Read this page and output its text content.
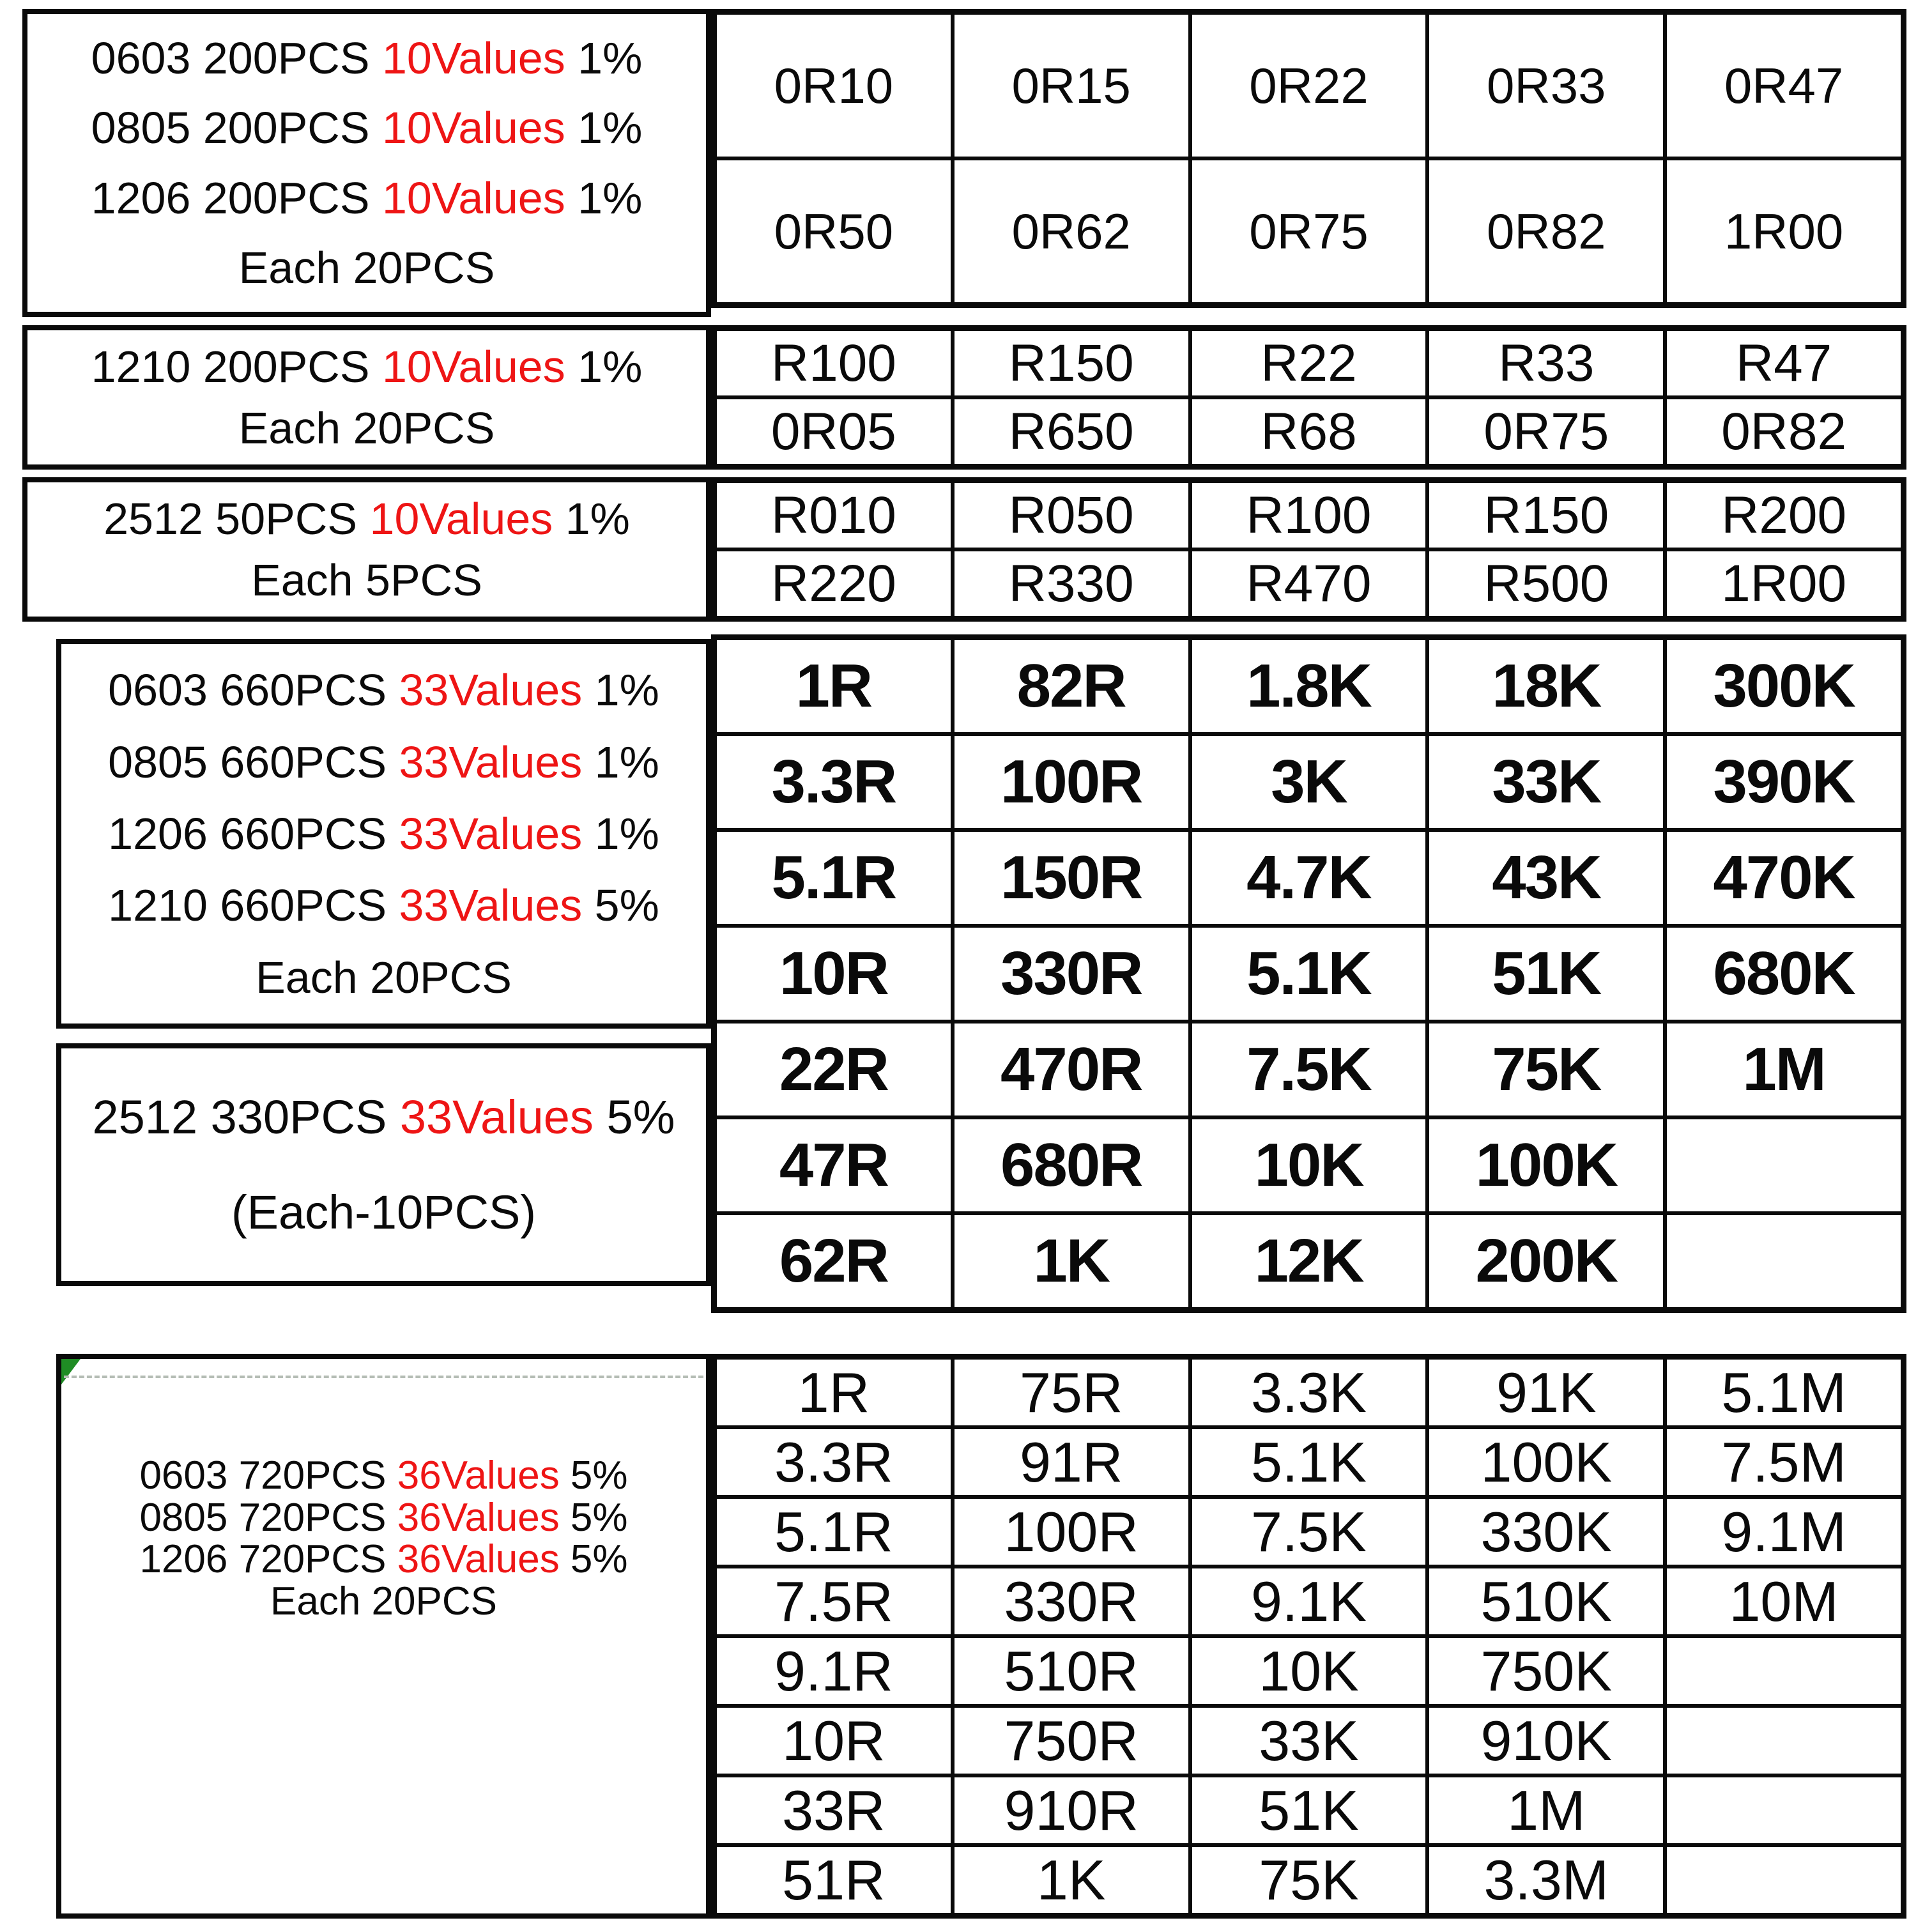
0603 200PCS 10Values 1%
0805 200PCS 10Values 1%
1206 200PCS 10Values 1%
Each 20PCS
0R10	0R15	0R22	0R33	0R47
0R50	0R62	0R75	0R82	1R00
1210 200PCS 10Values 1%
Each 20PCS
R100	R150	R22	R33	R47
0R05	R650	R68	0R75	0R82
2512 50PCS 10Values 1%
Each 5PCS
R010	R050	R100	R150	R200
R220	R330	R470	R500	1R00
0603 660PCS 33Values 1%
0805 660PCS 33Values 1%
1206 660PCS 33Values 1%
1210 660PCS 33Values 5%
Each 20PCS
2512 330PCS 33Values 5%
(Each-10PCS)
1R	82R	1.8K	18K	300K
3.3R	100R	3K	33K	390K
5.1R	150R	4.7K	43K	470K
10R	330R	5.1K	51K	680K
22R	470R	7.5K	75K	1M
47R	680R	10K	100K
62R	1K	12K	200K
0603 720PCS 36Values 5%
0805 720PCS 36Values 5%
1206 720PCS 36Values 5%
Each 20PCS
1R	75R	3.3K	91K	5.1M
3.3R	91R	5.1K	100K	7.5M
5.1R	100R	7.5K	330K	9.1M
7.5R	330R	9.1K	510K	10M
9.1R	510R	10K	750K
10R	750R	33K	910K
33R	910R	51K	1M
51R	1K	75K	3.3M
